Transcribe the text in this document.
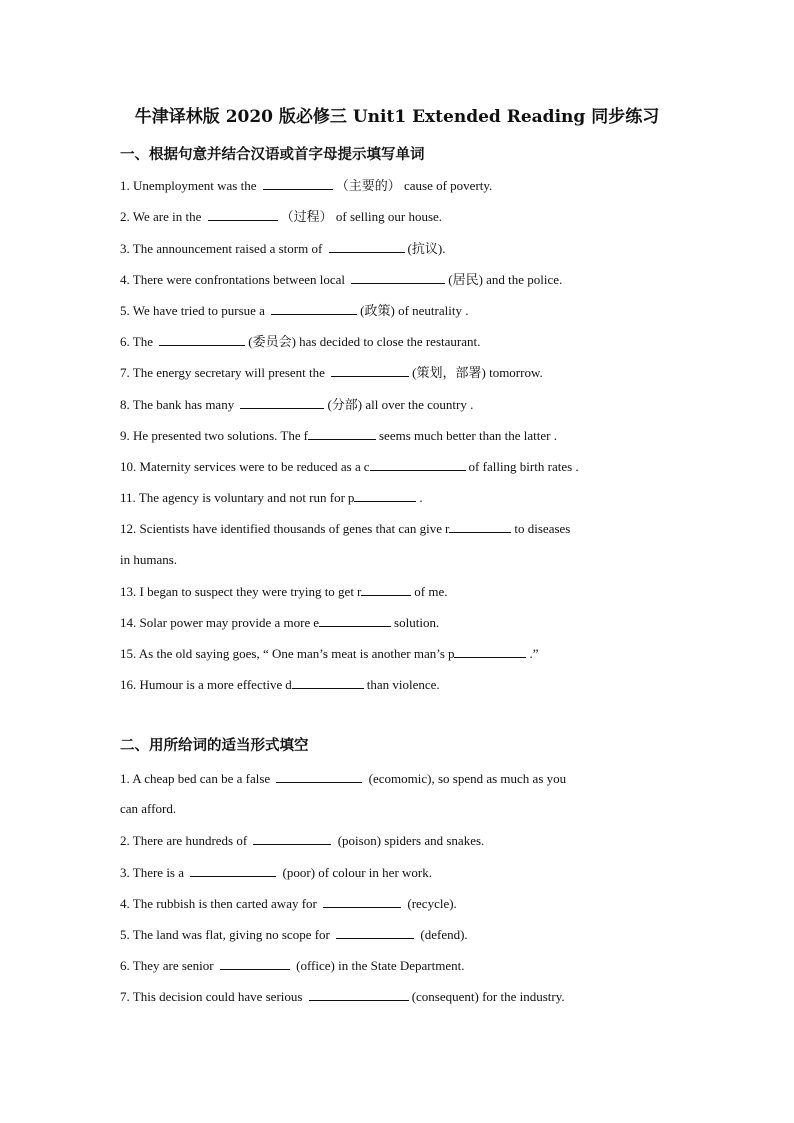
牛津译林版 2020 版必修三 Unit1 Extended Reading 同步练习
一、根据句意并结合汉语或首字母提示填写单词
1. Unemployment was the	（主要的） cause of poverty.
2. We are in the	（过程） of selling our house.
3. The announcement raised a storm of	(抗议).
4. There were confrontations between local	(居民) and the police.
5. We have tried to pursue a	(政策) of neutrality .
6. The	(委员会) has decided to close the restaurant.
7. The energy secretary will present the	(策划，部署) tomorrow.
8. The bank has many	(分部) all over the country .
9. He presented two solutions. The f	seems much better than the latter .
10. Maternity services were to be reduced as a c	of falling birth rates .
11. The agency is voluntary and not run for p	.
12. Scientists have identified thousands of genes that can give r	to diseases
in humans.
13. I began to suspect they were trying to get r	of me.
14. Solar power may provide a more e	solution.
15. As the old saying goes, “ One man’s meat is another man’s p	.”
16. Humour is a more effective d	than violence.
二、用所给词的适当形式填空
1. A cheap bed can be a false	(ecomomic), so spend as much as you
can afford.
2. There are hundreds of	(poison) spiders and snakes.
3. There is a	(poor) of colour in her work.
4. The rubbish is then carted away for	(recycle).
5. The land was flat, giving no scope for	(defend).
6. They are senior	(office) in the State Department.
7. This decision could have serious	(consequent) for the industry.
